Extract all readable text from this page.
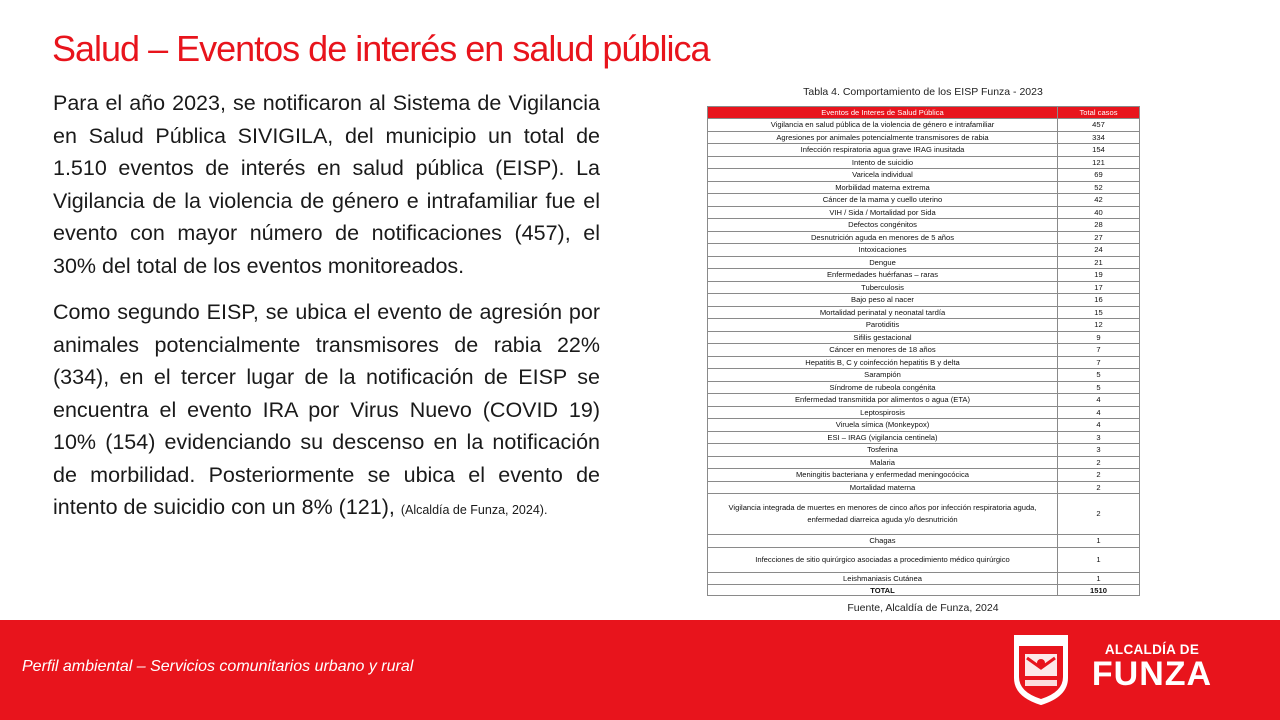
Salud – Eventos de interés en salud pública

Para el año 2023, se notificaron al Sistema de Vigilancia en Salud Pública SIVIGILA, del municipio un total de 1.510 eventos de interés en salud pública (EISP). La Vigilancia de la violencia de género e intrafamiliar fue el evento con mayor número de notificaciones (457), el 30% del total de los eventos monitoreados.

Como segundo EISP, se ubica el evento de agresión por animales potencialmente transmisores de rabia 22% (334), en el tercer lugar de la notificación de EISP se encuentra el evento IRA por Virus Nuevo (COVID 19) 10% (154) evidenciando su descenso en la notificación de morbilidad. Posteriormente se ubica el evento de intento de suicidio con un 8% (121), (Alcaldía de Funza, 2024).

Tabla 4. Comportamiento de los EISP Funza - 2023
Eventos de Interes de Salud Pública	Total casos
Vigilancia en salud pública de la violencia de género e intrafamiliar	457
Agresiones por animales potencialmente transmisores de rabia	334
Infección respiratoria agua grave IRAG inusitada	154
Intento de suicidio	121
Varicela individual	69
Morbilidad materna extrema	52
Cáncer de la mama y cuello uterino	42
VIH / Sida / Mortalidad por Sida	40
Defectos congénitos	28
Desnutrición aguda en menores de 5 años	27
Intoxicaciones	24
Dengue	21
Enfermedades huérfanas – raras	19
Tuberculosis	17
Bajo peso al nacer	16
Mortalidad perinatal y neonatal tardía	15
Parotiditis	12
Sifilis gestacional	9
Cáncer en menores de 18 años	7
Hepatitis B, C y coinfección hepatitis B y delta	7
Sarampión	5
Síndrome de rubeola congénita	5
Enfermedad transmitida por alimentos o agua (ETA)	4
Leptospirosis	4
Viruela símica (Monkeypox)	4
ESI – IRAG (vigilancia centinela)	3
Tosferina	3
Malaria	2
Meningitis bacteriana y enfermedad meningocócica	2
Mortalidad materna	2
Vigilancia integrada de muertes en menores de cinco años por infección respiratoria aguda, enfermedad diarreica aguda y/o desnutrición	2
Chagas	1
Infecciones de sitio quirúrgico asociadas a procedimiento médico quirúrgico	1
Leishmaniasis Cutánea	1
TOTAL	1510
Fuente, Alcaldía de Funza, 2024
Perfil ambiental – Servicios comunitarios urbano y rural
ALCALDÍA DE
FUNZA
